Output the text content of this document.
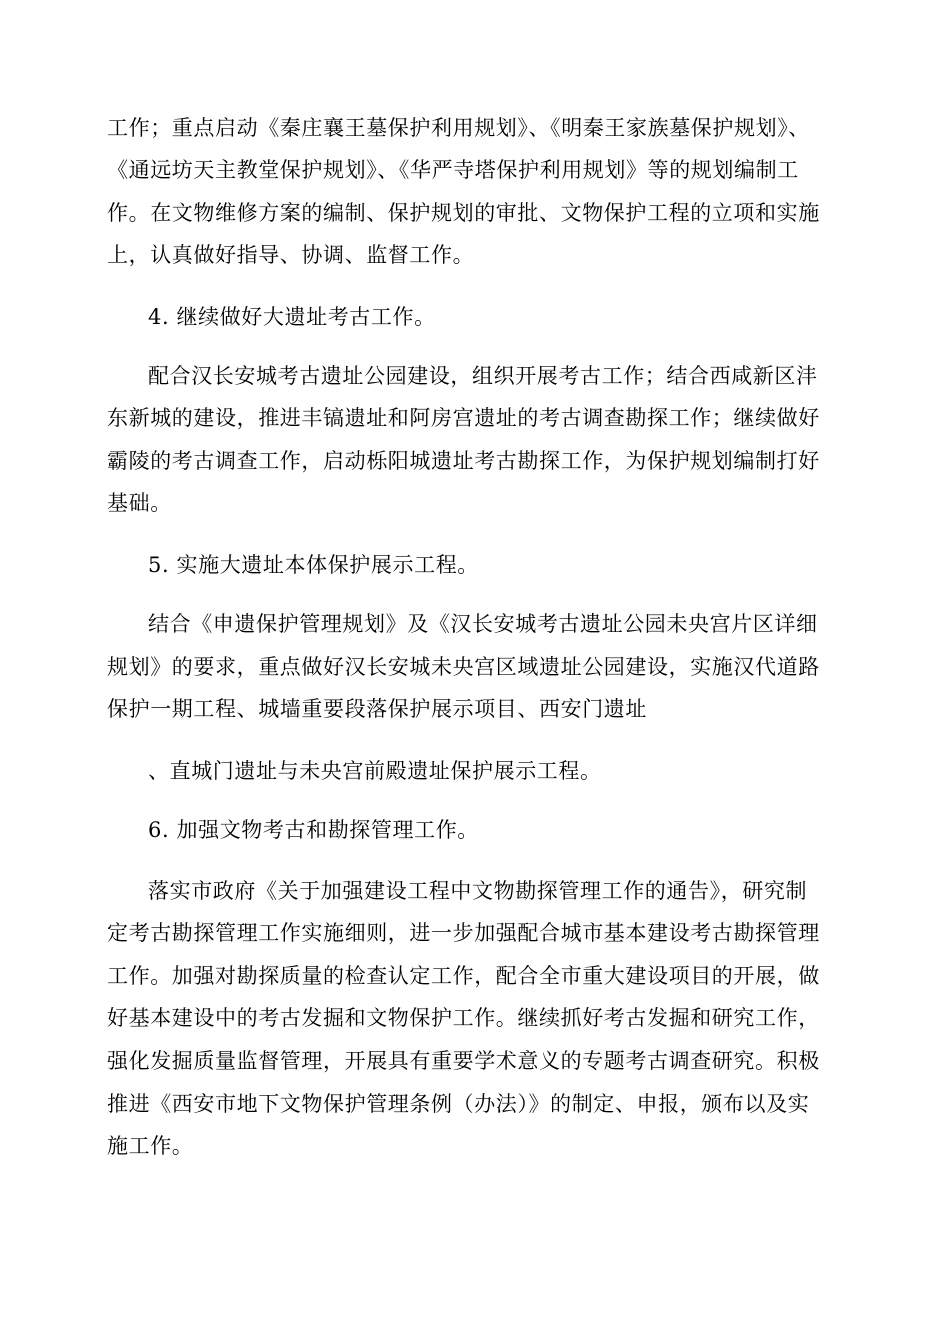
工作；重点启动《秦庄襄王墓保护利用规划》、《明秦王家族墓保护规划》、
《通远坊天主教堂保护规划》、《华严寺塔保护利用规划》等的规划编制工
作。在文物维修方案的编制、保护规划的审批、文物保护工程的立项和实施
上，认真做好指导、协调、监督工作。
4. 继续做好大遗址考古工作。
配合汉长安城考古遗址公园建设，组织开展考古工作；结合西咸新区沣
东新城的建设，推进丰镐遗址和阿房宫遗址的考古调查勘探工作；继续做好
霸陵的考古调查工作，启动栎阳城遗址考古勘探工作，为保护规划编制打好
基础。
5. 实施大遗址本体保护展示工程。
结合《申遗保护管理规划》及《汉长安城考古遗址公园未央宫片区详细
规划》的要求，重点做好汉长安城未央宫区域遗址公园建设，实施汉代道路
保护一期工程、城墙重要段落保护展示项目、西安门遗址
、直城门遗址与未央宫前殿遗址保护展示工程。
6. 加强文物考古和勘探管理工作。
落实市政府《关于加强建设工程中文物勘探管理工作的通告》，研究制
定考古勘探管理工作实施细则，进一步加强配合城市基本建设考古勘探管理
工作。加强对勘探质量的检查认定工作，配合全市重大建设项目的开展，做
好基本建设中的考古发掘和文物保护工作。继续抓好考古发掘和研究工作，
强化发掘质量监督管理，开展具有重要学术意义的专题考古调查研究。积极
推进《西安市地下文物保护管理条例（办法）》的制定、申报，颁布以及实
施工作。
